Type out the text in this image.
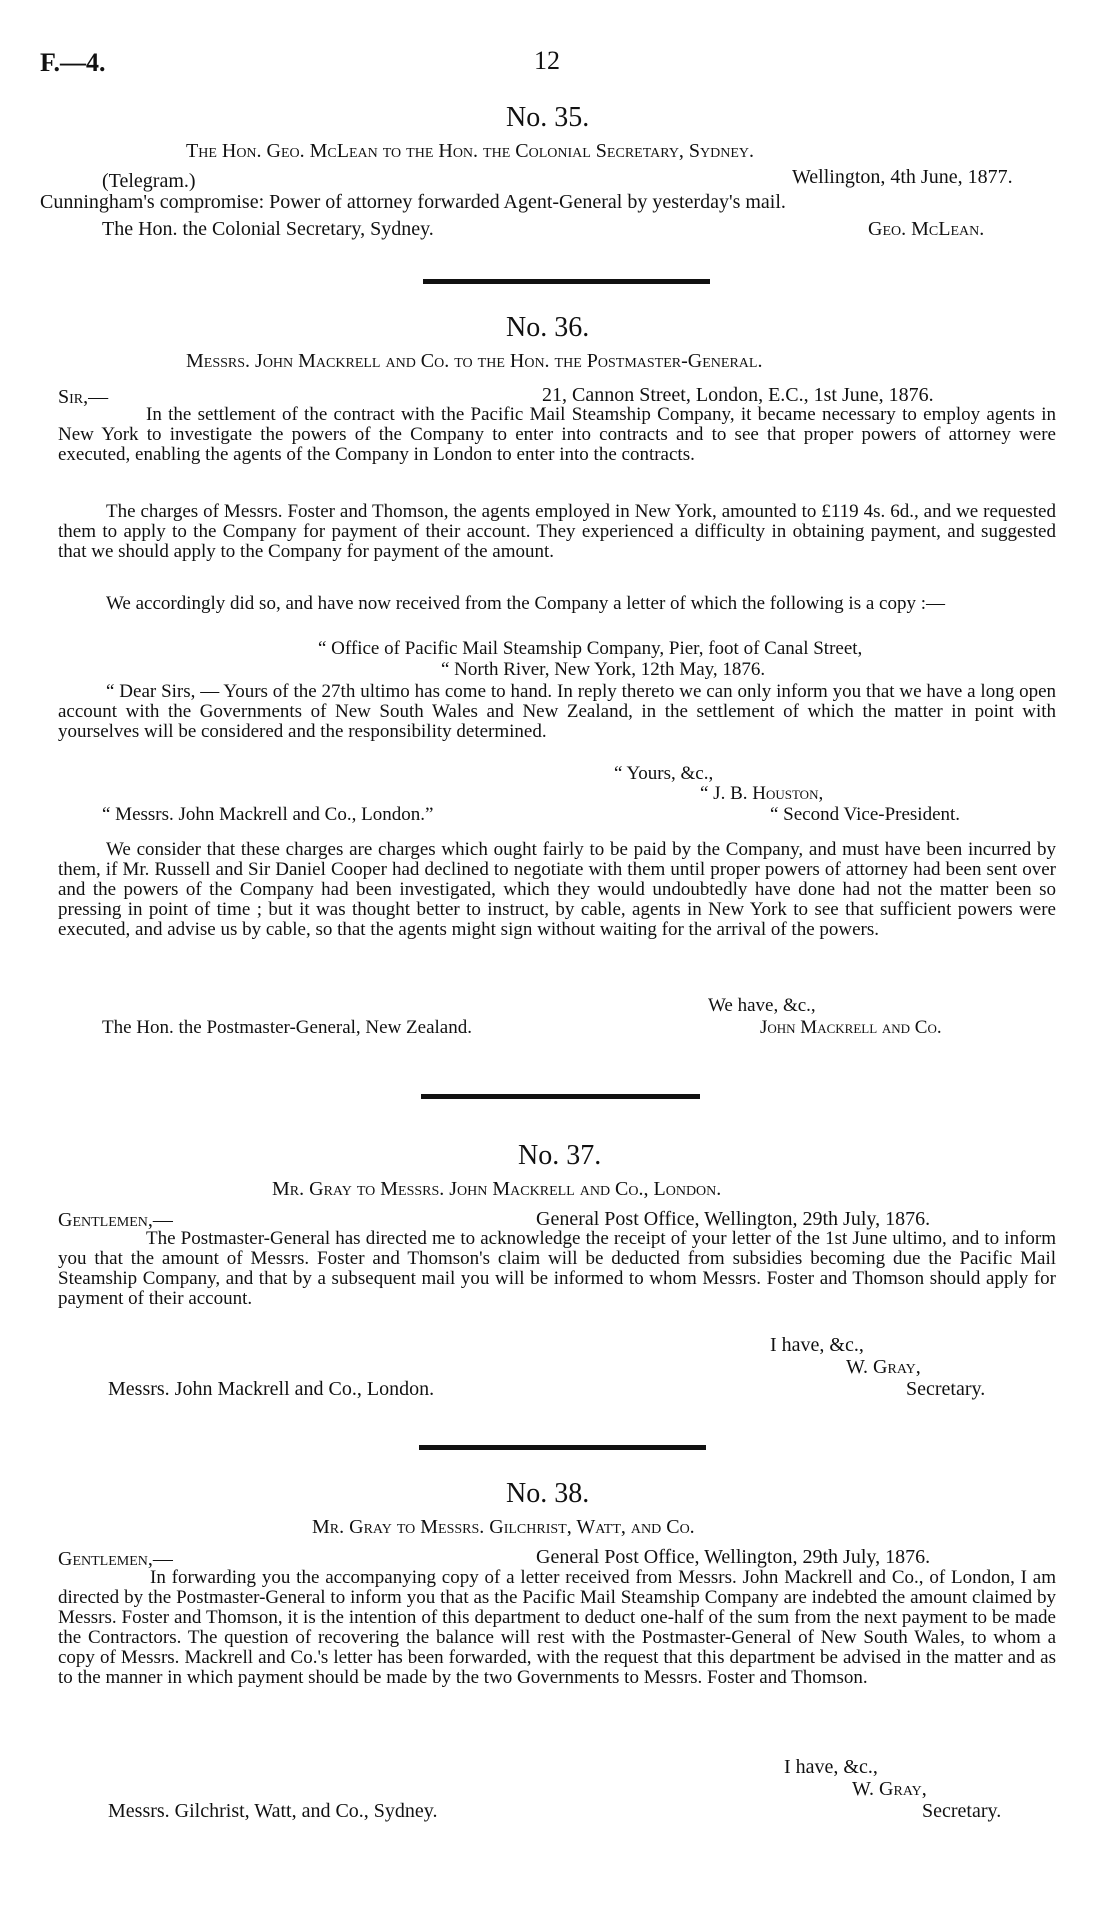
F.—4.	12
No. 35.
The Hon. Geo. McLean to the Hon. the Colonial Secretary, Sydney.
(Telegram.)	Wellington, 4th June, 1877.
Cunningham's compromise: Power of attorney forwarded Agent-General by yesterday's mail.
The Hon. the Colonial Secretary, Sydney.	Geo. McLean.
No. 36.
Messrs. John Mackrell and Co. to the Hon. the Postmaster-General.
Sir,—	21, Cannon Street, London, E.C., 1st June, 1876.
In the settlement of the contract with the Pacific Mail Steamship Company, it became necessary to employ agents in New York to investigate the powers of the Company to enter into contracts and to see that proper powers of attorney were executed, enabling the agents of the Company in London to enter into the contracts.
The charges of Messrs. Foster and Thomson, the agents employed in New York, amounted to £119 4s. 6d., and we requested them to apply to the Company for payment of their account. They experienced a difficulty in obtaining payment, and suggested that we should apply to the Company for payment of the amount.
We accordingly did so, and have now received from the Company a letter of which the following is a copy :—
“ Office of Pacific Mail Steamship Company, Pier, foot of Canal Street,
“ North River, New York, 12th May, 1876.
“ Dear Sirs, — Yours of the 27th ultimo has come to hand. In reply thereto we can only inform you that we have a long open account with the Governments of New South Wales and New Zealand, in the settlement of which the matter in point with yourselves will be considered and the responsibility determined.
“ Yours, &c.,
“ J. B. Houston,
“ Messrs. John Mackrell and Co., London.”	“ Second Vice-President.
We consider that these charges are charges which ought fairly to be paid by the Company, and must have been incurred by them, if Mr. Russell and Sir Daniel Cooper had declined to negotiate with them until proper powers of attorney had been sent over and the powers of the Company had been investigated, which they would undoubtedly have done had not the matter been so pressing in point of time ; but it was thought better to instruct, by cable, agents in New York to see that sufficient powers were executed, and advise us by cable, so that the agents might sign without waiting for the arrival of the powers.
We have, &c.,
The Hon. the Postmaster-General, New Zealand.	John Mackrell and Co.
No. 37.
Mr. Gray to Messrs. John Mackrell and Co., London.
Gentlemen,—	General Post Office, Wellington, 29th July, 1876.
The Postmaster-General has directed me to acknowledge the receipt of your letter of the 1st June ultimo, and to inform you that the amount of Messrs. Foster and Thomson's claim will be deducted from subsidies becoming due the Pacific Mail Steamship Company, and that by a subsequent mail you will be informed to whom Messrs. Foster and Thomson should apply for payment of their account.
I have, &c.,
W. Gray,
Secretary.
Messrs. John Mackrell and Co., London.
No. 38.
Mr. Gray to Messrs. Gilchrist, Watt, and Co.
Gentlemen,—	General Post Office, Wellington, 29th July, 1876.
In forwarding you the accompanying copy of a letter received from Messrs. John Mackrell and Co., of London, I am directed by the Postmaster-General to inform you that as the Pacific Mail Steamship Company are indebted the amount claimed by Messrs. Foster and Thomson, it is the intention of this department to deduct one-half of the sum from the next payment to be made the Contractors. The question of recovering the balance will rest with the Postmaster-General of New South Wales, to whom a copy of Messrs. Mackrell and Co.'s letter has been forwarded, with the request that this department be advised in the matter and as to the manner in which payment should be made by the two Governments to Messrs. Foster and Thomson.
I have, &c.,
W. Gray,
Messrs. Gilchrist, Watt, and Co., Sydney.	Secretary.
